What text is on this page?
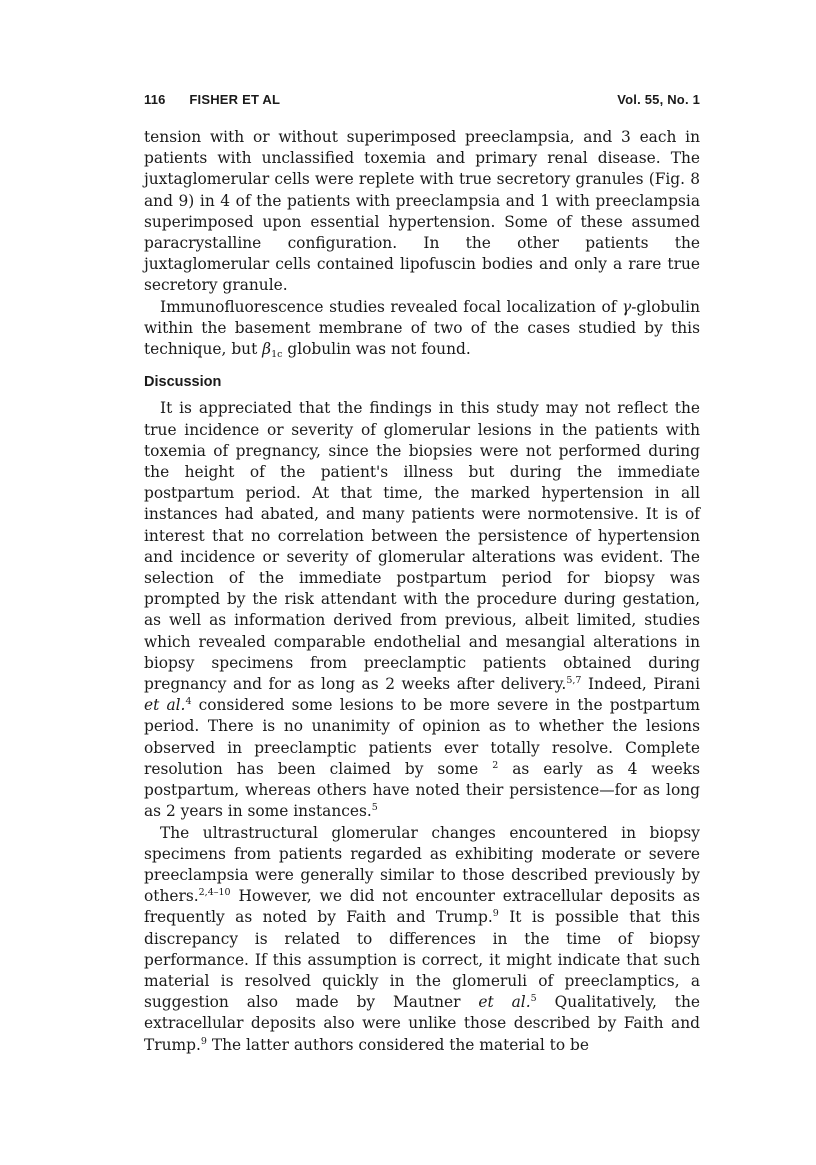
116 FISHER ET AL	Vol. 55, No. 1

tension with or without superimposed preeclampsia, and 3 each in patients with unclassified toxemia and primary renal disease. The juxtaglomerular cells were replete with true secretory granules (Fig. 8 and 9) in 4 of the patients with preeclampsia and 1 with preeclampsia superimposed upon essential hypertension. Some of these assumed paracrystalline configuration. In the other patients the juxtaglomerular cells contained lipofuscin bodies and only a rare true secretory granule.

Immunofluorescence studies revealed focal localization of γ-globulin within the basement membrane of two of the cases studied by this technique, but $\beta_{1c}$ globulin was not found.

Discussion

It is appreciated that the findings in this study may not reflect the true incidence or severity of glomerular lesions in the patients with toxemia of pregnancy, since the biopsies were not performed during the height of the patient's illness but during the immediate postpartum period. At that time, the marked hypertension in all instances had abated, and many patients were normotensive. It is of interest that no correlation between the persistence of hypertension and incidence or severity of glomerular alterations was evident. The selection of the immediate postpartum period for biopsy was prompted by the risk attendant with the procedure during gestation, as well as information derived from previous, albeit limited, studies which revealed comparable endothelial and mesangial alterations in biopsy specimens from preeclamptic patients obtained during pregnancy and for as long as 2 weeks after delivery.$^{5,7}$ Indeed, Pirani et al.$^4$ considered some lesions to be more severe in the postpartum period. There is no unanimity of opinion as to whether the lesions observed in preeclamptic patients ever totally resolve. Complete resolution has been claimed by some $^2$ as early as 4 weeks postpartum, whereas others have noted their persistence—for as long as 2 years in some instances.$^5$

The ultrastructural glomerular changes encountered in biopsy specimens from patients regarded as exhibiting moderate or severe preeclampsia were generally similar to those described previously by others.$^{2,4-10}$ However, we did not encounter extracellular deposits as frequently as noted by Faith and Trump.$^9$ It is possible that this discrepancy is related to differences in the time of biopsy performance. If this assumption is correct, it might indicate that such material is resolved quickly in the glomeruli of preeclamptics, a suggestion also made by Mautner et al.$^5$ Qualitatively, the extracellular deposits also were unlike those described by Faith and Trump.$^9$ The latter authors considered the material to be
